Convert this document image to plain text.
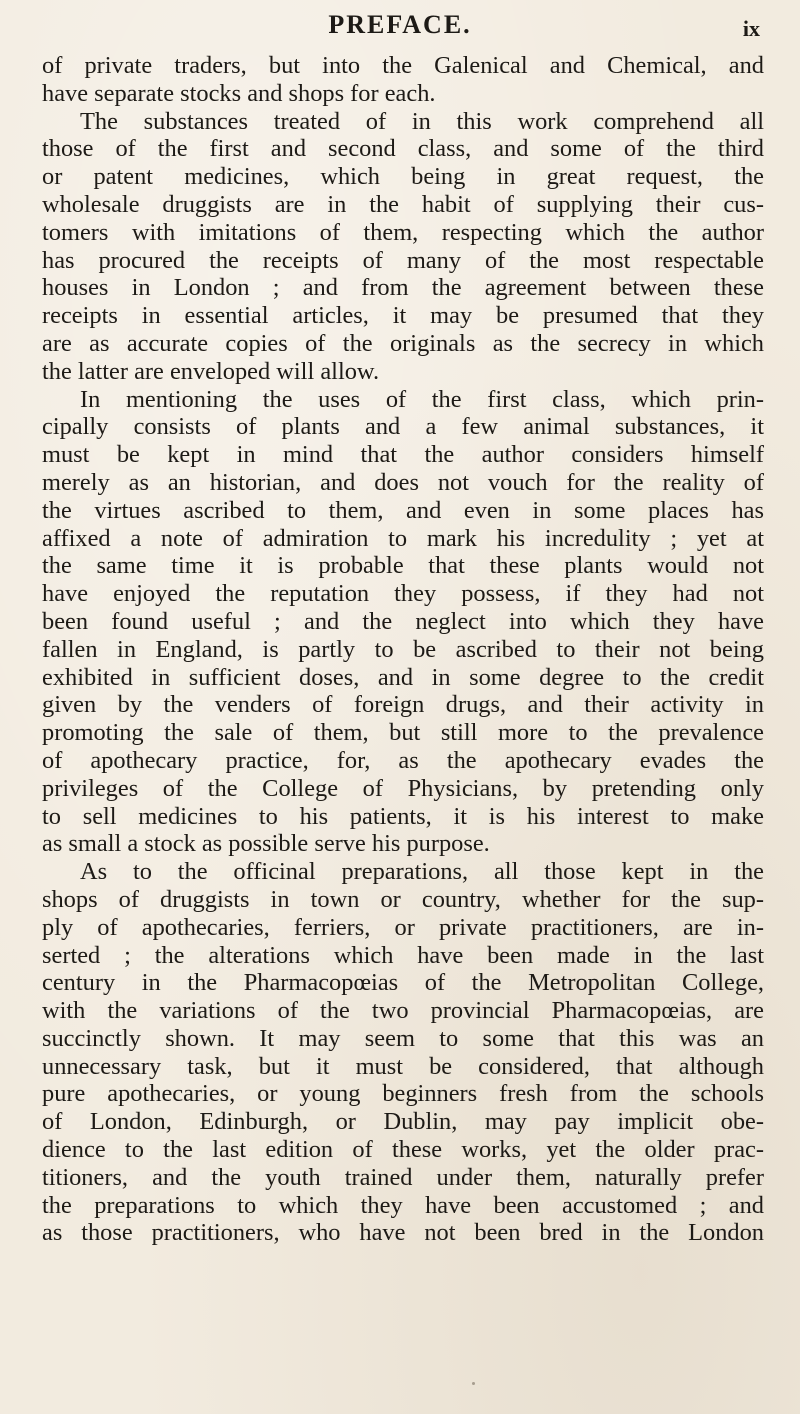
PREFACE.	ix
of private traders, but into the Galenical and Chemical, and
have separate stocks and shops for each.
The substances treated of in this work comprehend all
those of the first and second class, and some of the third
or patent medicines, which being in great request, the
wholesale druggists are in the habit of supplying their cus-
tomers with imitations of them, respecting which the author
has procured the receipts of many of the most respectable
houses in London ; and from the agreement between these
receipts in essential articles, it may be presumed that they
are as accurate copies of the originals as the secrecy in which
the latter are enveloped will allow.
In mentioning the uses of the first class, which prin-
cipally consists of plants and a few animal substances, it
must be kept in mind that the author considers himself
merely as an historian, and does not vouch for the reality of
the virtues ascribed to them, and even in some places has
affixed a note of admiration to mark his incredulity ; yet at
the same time it is probable that these plants would not
have enjoyed the reputation they possess, if they had not
been found useful ; and the neglect into which they have
fallen in England, is partly to be ascribed to their not being
exhibited in sufficient doses, and in some degree to the credit
given by the venders of foreign drugs, and their activity in
promoting the sale of them, but still more to the prevalence
of apothecary practice, for, as the apothecary evades the
privileges of the College of Physicians, by pretending only
to sell medicines to his patients, it is his interest to make
as small a stock as possible serve his purpose.
As to the officinal preparations, all those kept in the
shops of druggists in town or country, whether for the sup-
ply of apothecaries, ferriers, or private practitioners, are in-
serted ; the alterations which have been made in the last
century in the Pharmacopœias of the Metropolitan College,
with the variations of the two provincial Pharmacopœias, are
succinctly shown. It may seem to some that this was an
unnecessary task, but it must be considered, that although
pure apothecaries, or young beginners fresh from the schools
of London, Edinburgh, or Dublin, may pay implicit obe-
dience to the last edition of these works, yet the older prac-
titioners, and the youth trained under them, naturally prefer
the preparations to which they have been accustomed ; and
as those practitioners, who have not been bred in the London
